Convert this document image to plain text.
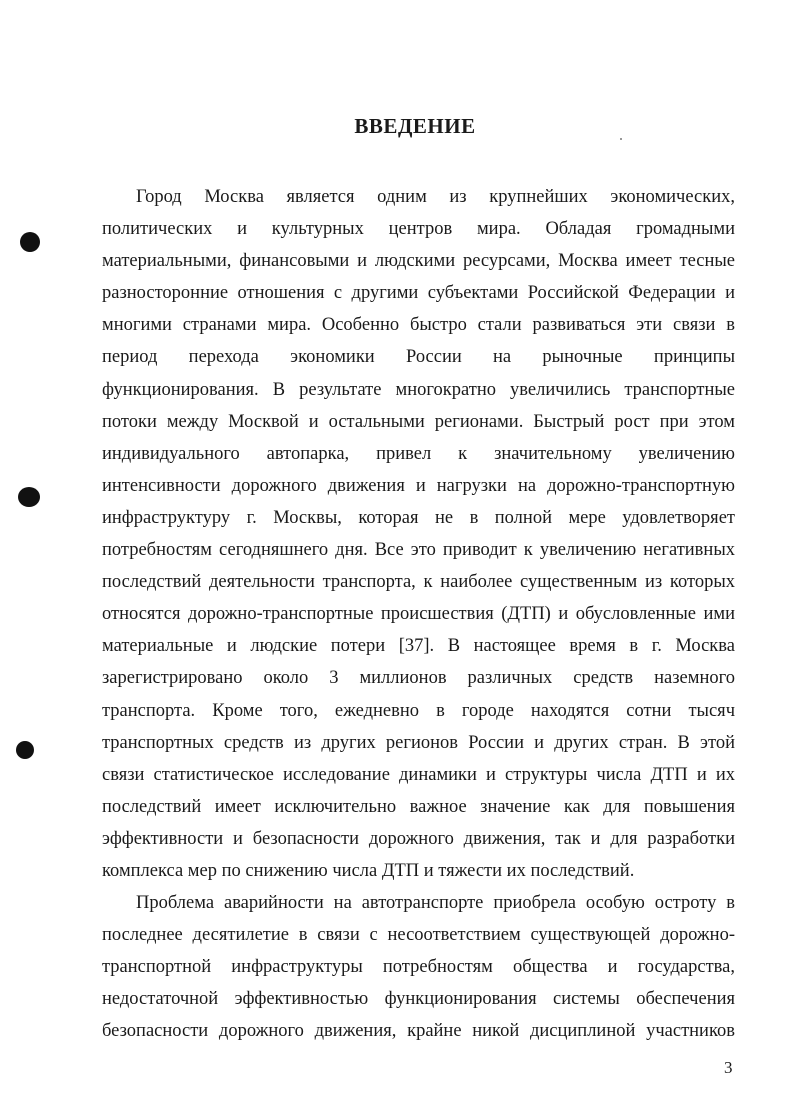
ВВЕДЕНИЕ
Город Москва является одним из крупнейших экономических,
политических и культурных центров мира. Обладая громадными
материальными, финансовыми и людскими ресурсами, Москва имеет тесные
разносторонние отношения с другими субъектами Российской Федерации и
многими странами мира. Особенно быстро стали развиваться эти связи в
период перехода экономики России на рыночные принципы
функционирования. В результате многократно увеличились транспортные
потоки между Москвой и остальными регионами. Быстрый рост при этом
индивидуального автопарка, привел к значительному увеличению
интенсивности дорожного движения и нагрузки на дорожно-транспортную
инфраструктуру г. Москвы, которая не в полной мере удовлетворяет
потребностям сегодняшнего дня. Все это приводит к увеличению негативных
последствий деятельности транспорта, к наиболее существенным из которых
относятся дорожно-транспортные происшествия (ДТП) и обусловленные ими
материальные и людские потери [37]. В настоящее время в г. Москва
зарегистрировано около 3 миллионов различных средств наземного
транспорта. Кроме того, ежедневно в городе находятся сотни тысяч
транспортных средств из других регионов России и других стран. В этой
связи статистическое исследование динамики и структуры числа ДТП и их
последствий имеет исключительно важное значение как для повышения
эффективности и безопасности дорожного движения, так и для разработки
комплекса мер по снижению числа ДТП и тяжести их последствий.
Проблема аварийности на автотранспорте приобрела особую остроту в
последнее десятилетие в связи с несоответствием существующей дорожно-
транспортной инфраструктуры потребностям общества и государства,
недостаточной эффективностью функционирования системы обеспечения
безопасности дорожного движения, крайне никой дисциплиной участников
3
